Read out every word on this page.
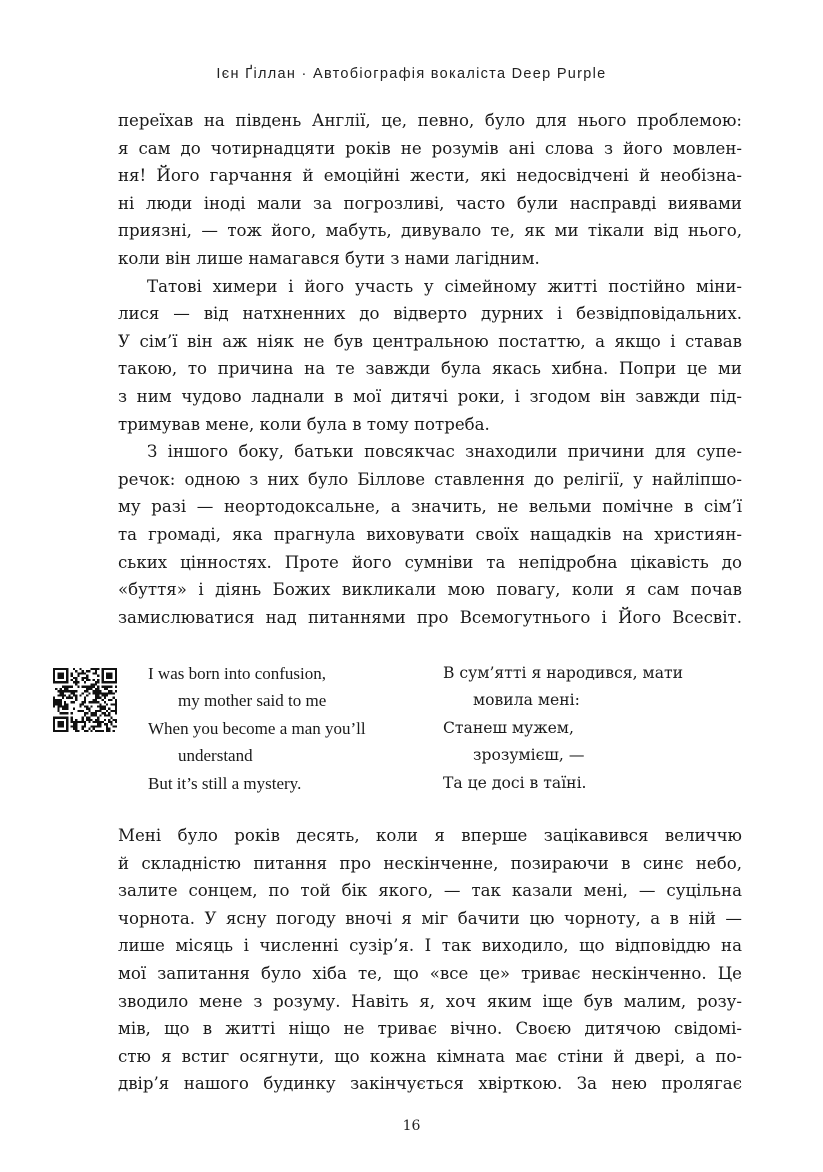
Ієн Ґіллан · Автобіографія вокаліста Deep Purple
переїхав на південь Англії, це, певно, було для нього проблемою:
я сам до чотирнадцяти років не розумів ані слова з його мовлен-
ня! Його гарчання й емоційні жести, які недосвідчені й необізна-
ні люди іноді мали за погрозливі, часто були насправді виявами
приязні, — тож його, мабуть, дивувало те, як ми тікали від нього,
коли він лише намагався бути з нами лагідним.
Татові химери і його участь у сімейному житті постійно міни-
лися — від натхненних до відверто дурних і безвідповідальних.
У сім’ї він аж ніяк не був центральною постаттю, а якщо і ставав
такою, то причина на те завжди була якась хибна. Попри це ми
з ним чудово ладнали в мої дитячі роки, і згодом він завжди під-
тримував мене, коли була в тому потреба.
З іншого боку, батьки повсякчас знаходили причини для супе-
речок: одною з них було Біллове ставлення до релігії, у найліпшо-
му разі — неортодоксальне, а значить, не вельми помічне в сім’ї
та громаді, яка прагнула виховувати своїх нащадків на християн-
ських цінностях. Проте його сумніви та непідробна цікавість до
«буття» і діянь Божих викликали мою повагу, коли я сам почав
замислюватися над питаннями про Всемогутнього і Його Всесвіт.
I was born into confusion,
my mother said to me
When you become a man you’ll
understand
But it’s still a mystery.
В сум’ятті я народився, мати
мовила мені:
Станеш мужем,
зрозумієш, —
Та це досі в таїні.
Мені було років десять, коли я вперше зацікавився величчю
й складністю питання про нескінченне, позираючи в синє небо,
залите сонцем, по той бік якого, — так казали мені, — суцільна
чорнота. У ясну погоду вночі я міг бачити цю чорноту, а в ній —
лише місяць і численні сузір’я. І так виходило, що відповіддю на
мої запитання було хіба те, що «все це» триває нескінченно. Це
зводило мене з розуму. Навіть я, хоч яким іще був малим, розу-
мів, що в житті ніщо не триває вічно. Своєю дитячою свідомі-
стю я встиг осягнути, що кожна кімната має стіни й двері, а по-
двір’я нашого будинку закінчується хвірткою. За нею пролягає
16
